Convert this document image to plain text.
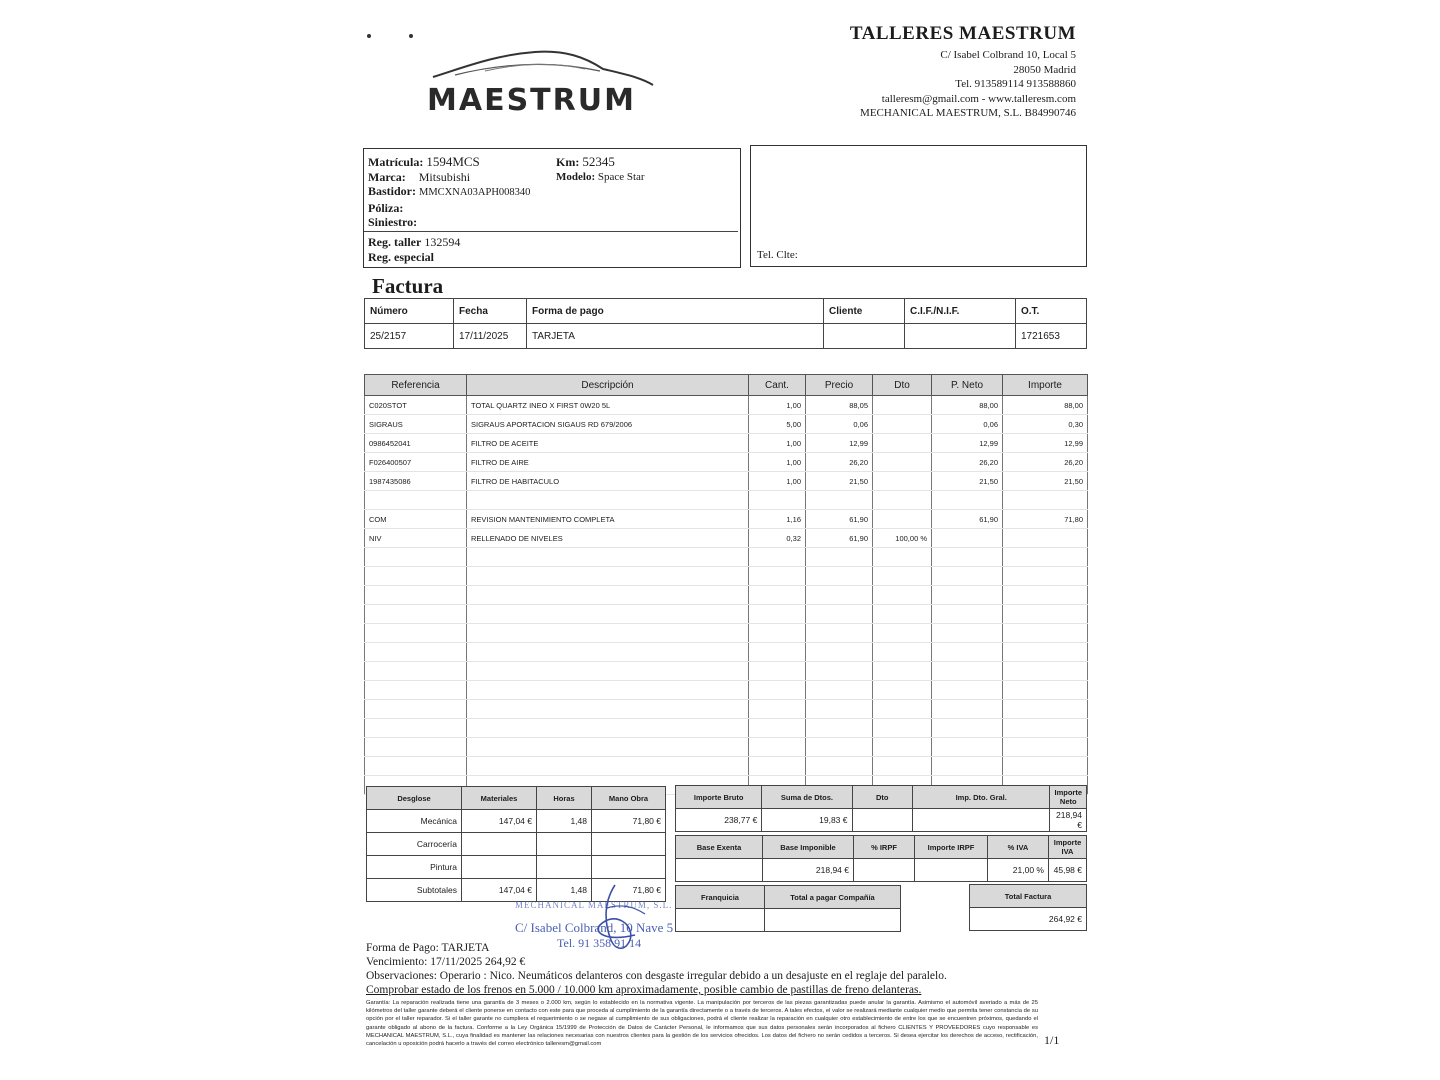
MAESTRUM
TALLERES MAESTRUM
C/ Isabel Colbrand 10, Local 5
28050 Madrid
Tel. 913589114 913588860
talleresm@gmail.com - www.talleresm.com
MECHANICAL MAESTRUM, S.L. B84990746
Matrícula: 1594MCS
Marca: Mitsubishi
Bastidor: MMCXNA03APH008340
Póliza:
Siniestro:
Km: 52345
Modelo: Space Star
Reg. taller 132594
Reg. especial	Tel. Clte:
Factura
Número	Fecha	Forma de pago	Cliente	C.I.F./N.I.F.	O.T.
25/2157	17/11/2025	TARJETA			1721653
Referencia	Descripción	Cant.	Precio	Dto	P. Neto	Importe
C020STOT	TOTAL QUARTZ INEO X FIRST 0W20 5L	1,00	88,05		88,00	88,00
SIGRAUS	SIGRAUS APORTACION SIGAUS RD 679/2006	5,00	0,06		0,06	0,30
0986452041	FILTRO DE ACEITE	1,00	12,99		12,99	12,99
F026400507	FILTRO DE AIRE	1,00	26,20		26,20	26,20
1987435086	FILTRO DE HABITACULO	1,00	21,50		21,50	21,50

COM	REVISION MANTENIMIENTO COMPLETA	1,16	61,90		61,90	71,80
NIV	RELLENADO DE NIVELES	0,32	61,90	100,00 %		

Desglose	Materiales	Horas	Mano Obra
Mecánica	147,04 €	1,48	71,80 €
Carrocería			
Pintura			
Subtotales	147,04 €	1,48	71,80 €
Importe Bruto	Suma de Dtos.	Dto	Imp. Dto. Gral.	Importe Neto
238,77 €	19,83 €			218,94 €
Base Exenta	Base Imponible	% IRPF	Importe IRPF	% IVA	Importe IVA
	218,94 €			21,00 %	45,98 €
Franquicia	Total a pagar Compañía
		Total Factura
264,92 €
MECHANICAL MAESTRUM, S.L.
C/ Isabel Colbrand, 10 Nave 5
Tel. 91 358 91 14
Forma de Pago: TARJETA
Vencimiento: 17/11/2025 264,92 €
Observaciones: Operario : Nico. Neumáticos delanteros con desgaste irregular debido a un desajuste en el reglaje del paralelo.
Comprobar estado de los frenos en 5.000 / 10.000 km aproximadamente, posible cambio de pastillas de freno delanteras.
Garantía: La reparación realizada tiene una garantía de 3 meses o 2.000 km, según lo establecido en la normativa vigente. La manipulación por terceros de las piezas garantizadas puede anular la garantía. Asimismo el automóvil averiado a más de 25 kilómetros del taller garante deberá el cliente ponerse en contacto con este para que proceda al cumplimiento de la garantía directamente o a través de terceros. A tales efectos, el valor se realizará mediante cualquier medio que permita tener constancia de su opción por el taller reparador. Si el taller garante no cumpliera el requerimiento o se negase al cumplimiento de sus obligaciones, podrá el cliente realizar la reparación en cualquier otro establecimiento de entre los que se encuentren próximos, quedando el garante obligado al abono de la factura. Conforme a la Ley Orgánica 15/1999 de Protección de Datos de Carácter Personal, le informamos que sus datos personales serán incorporados al fichero CLIENTES Y PROVEEDORES cuyo responsable es MECHANICAL MAESTRUM, S.L., cuya finalidad es mantener las relaciones necesarias con nuestros clientes para la gestión de los servicios ofrecidos. Los datos del fichero no serán cedidos a terceros. Si desea ejercitar los derechos de acceso, rectificación, cancelación u oposición podrá hacerlo a través del correo electrónico talleresm@gmail.com	1/1
